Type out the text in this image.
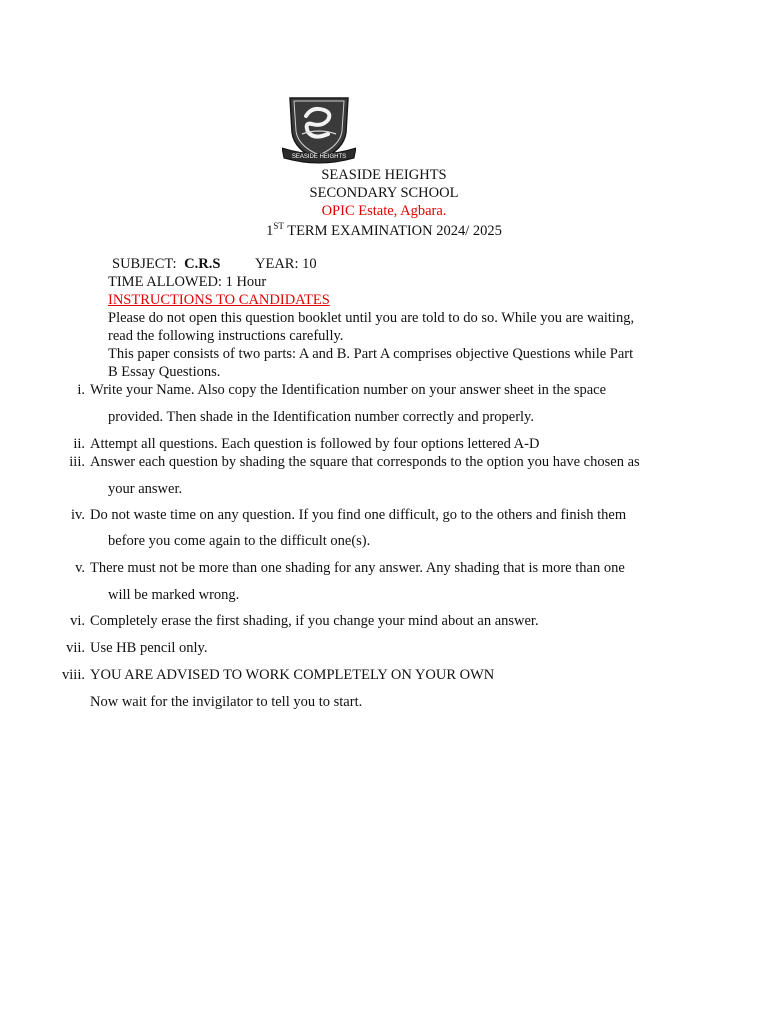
SEASIDE HEIGHTS
SEASIDE HEIGHTS
SECONDARY SCHOOL
OPIC Estate, Agbara.
1ST TERM EXAMINATION 2024/ 2025
SUBJECT: C.R.S YEAR: 10
TIME ALLOWED: 1 Hour
INSTRUCTIONS TO CANDIDATES
Please do not open this question booklet until you are told to do so. While you are waiting,
read the following instructions carefully.
This paper consists of two parts: A and B. Part A comprises objective Questions while Part
B Essay Questions.
i. Write your Name. Also copy the Identification number on your answer sheet in the space
provided. Then shade in the Identification number correctly and properly.
ii. Attempt all questions. Each question is followed by four options lettered A-D
iii. Answer each question by shading the square that corresponds to the option you have chosen as
your answer.
iv. Do not waste time on any question. If you find one difficult, go to the others and finish them
before you come again to the difficult one(s).
v. There must not be more than one shading for any answer. Any shading that is more than one
will be marked wrong.
vi. Completely erase the first shading, if you change your mind about an answer.
vii. Use HB pencil only.
viii. YOU ARE ADVISED TO WORK COMPLETELY ON YOUR OWN
Now wait for the invigilator to tell you to start.
